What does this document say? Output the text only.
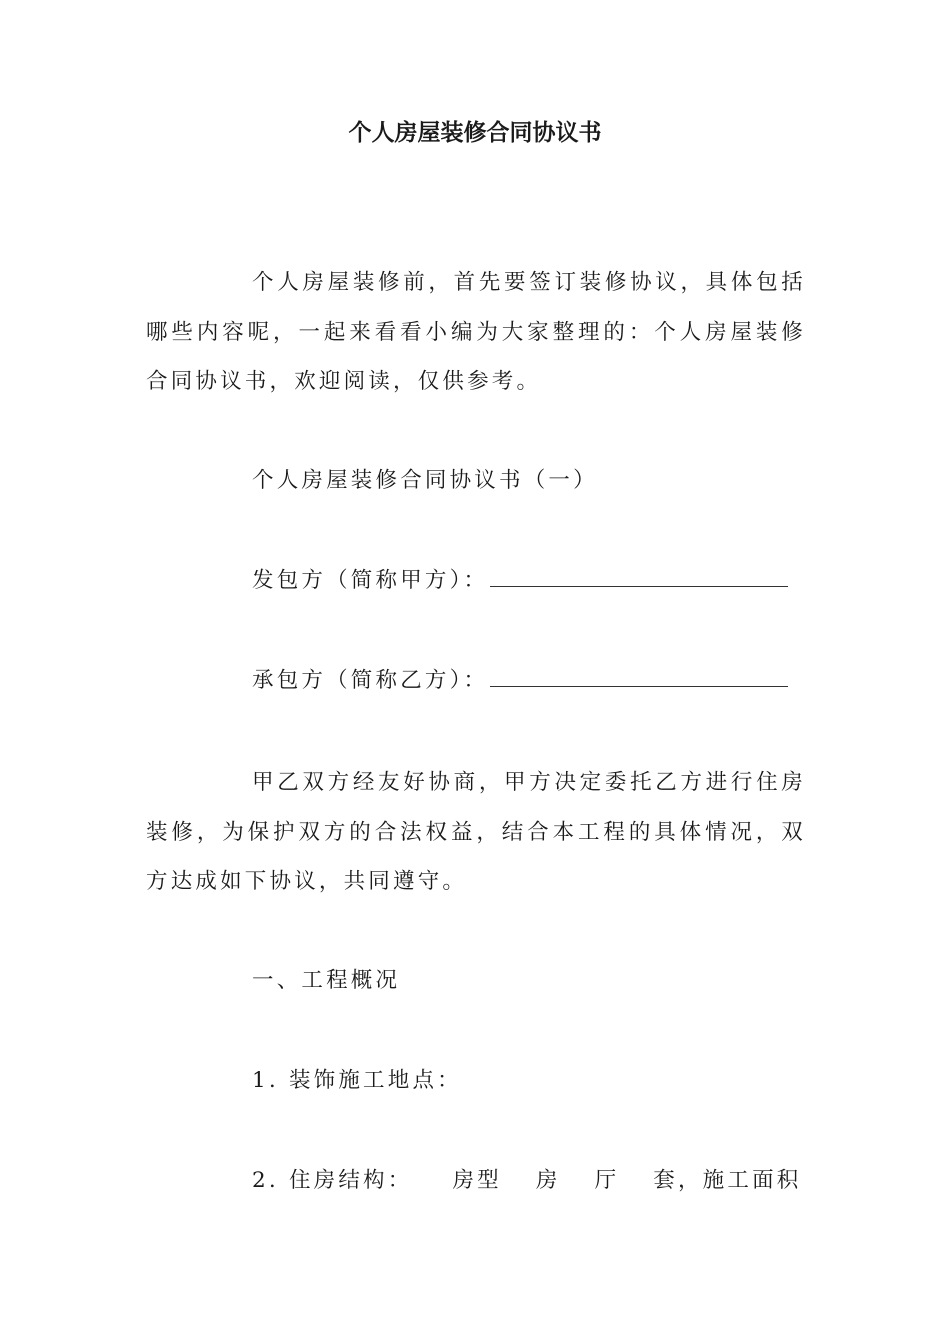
个人房屋装修合同协议书

个人房屋装修前，首先要签订装修协议，具体包括哪些内容呢，一起来看看小编为大家整理的：个人房屋装修合同协议书，欢迎阅读，仅供参考。

个人房屋装修合同协议书（一）

发包方（简称甲方）：

承包方（简称乙方）：

甲乙双方经友好协商，甲方决定委托乙方进行住房装修，为保护双方的合法权益，结合本工程的具体情况，双方达成如下协议，共同遵守。

一、工程概况

1. 装饰施工地点：

2. 住房结构： 房型 房 厅 套，施工面积
